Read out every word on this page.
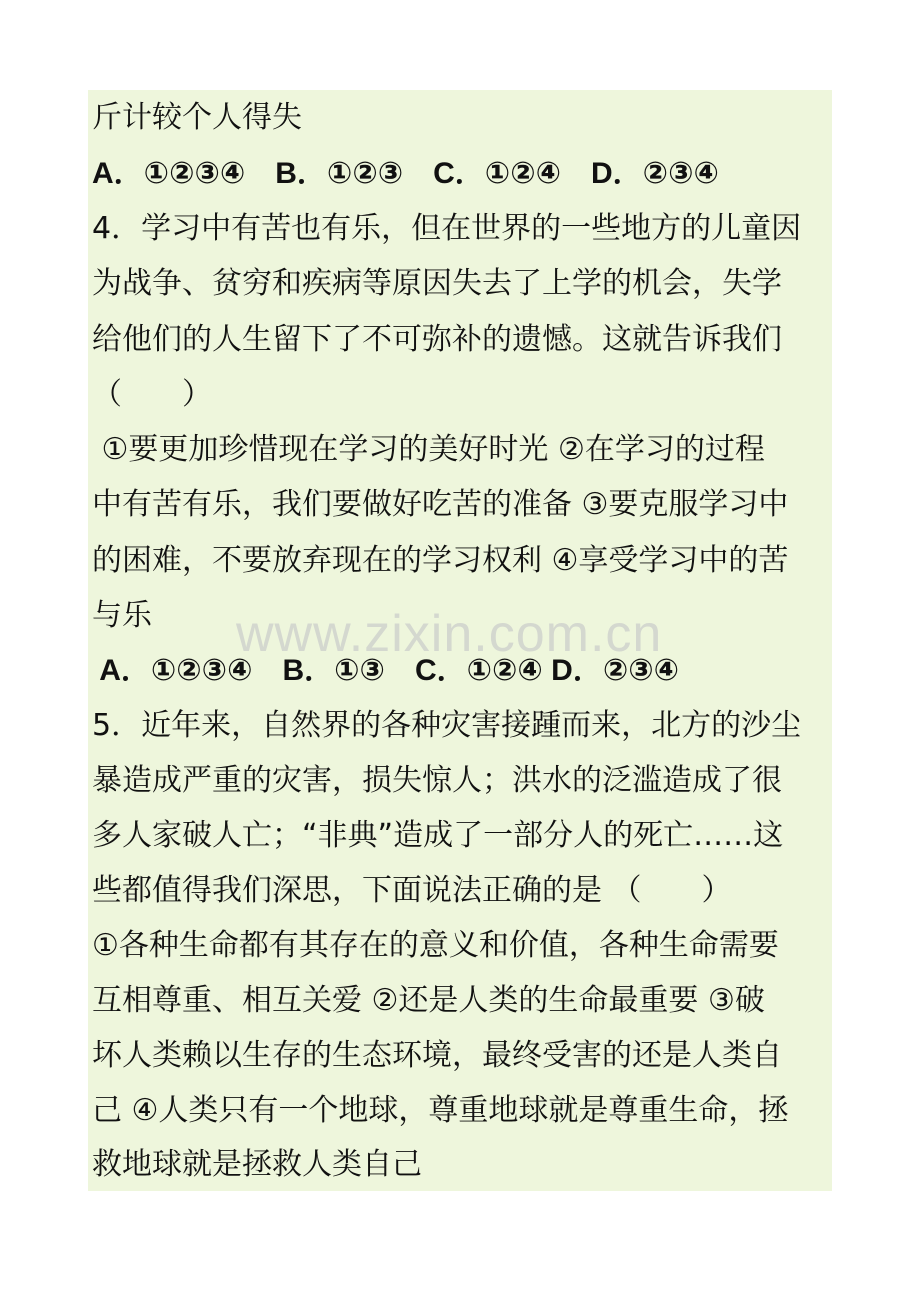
www.zixin.com.cn
斤计较个人得失
A．①②③④　B．①②③　C．①②④　D．②③④
4．学习中有苦也有乐，但在世界的一些地方的儿童因
为战争、贫穷和疾病等原因失去了上学的机会，失学
给他们的人生留下了不可弥补的遗憾。这就告诉我们
（　　）
①要更加珍惜现在学习的美好时光 ②在学习的过程
中有苦有乐，我们要做好吃苦的准备 ③要克服学习中
的困难，不要放弃现在的学习权利 ④享受学习中的苦
与乐
A．①②③④　B．①③　C．①②④ D．②③④
5．近年来，自然界的各种灾害接踵而来，北方的沙尘
暴造成严重的灾害，损失惊人；洪水的泛滥造成了很
多人家破人亡；“非典”造成了一部分人的死亡……这
些都值得我们深思，下面说法正确的是 （　　）
①各种生命都有其存在的意义和价值，各种生命需要
互相尊重、相互关爱 ②还是人类的生命最重要 ③破
坏人类赖以生存的生态环境，最终受害的还是人类自
己 ④人类只有一个地球，尊重地球就是尊重生命，拯
救地球就是拯救人类自己
